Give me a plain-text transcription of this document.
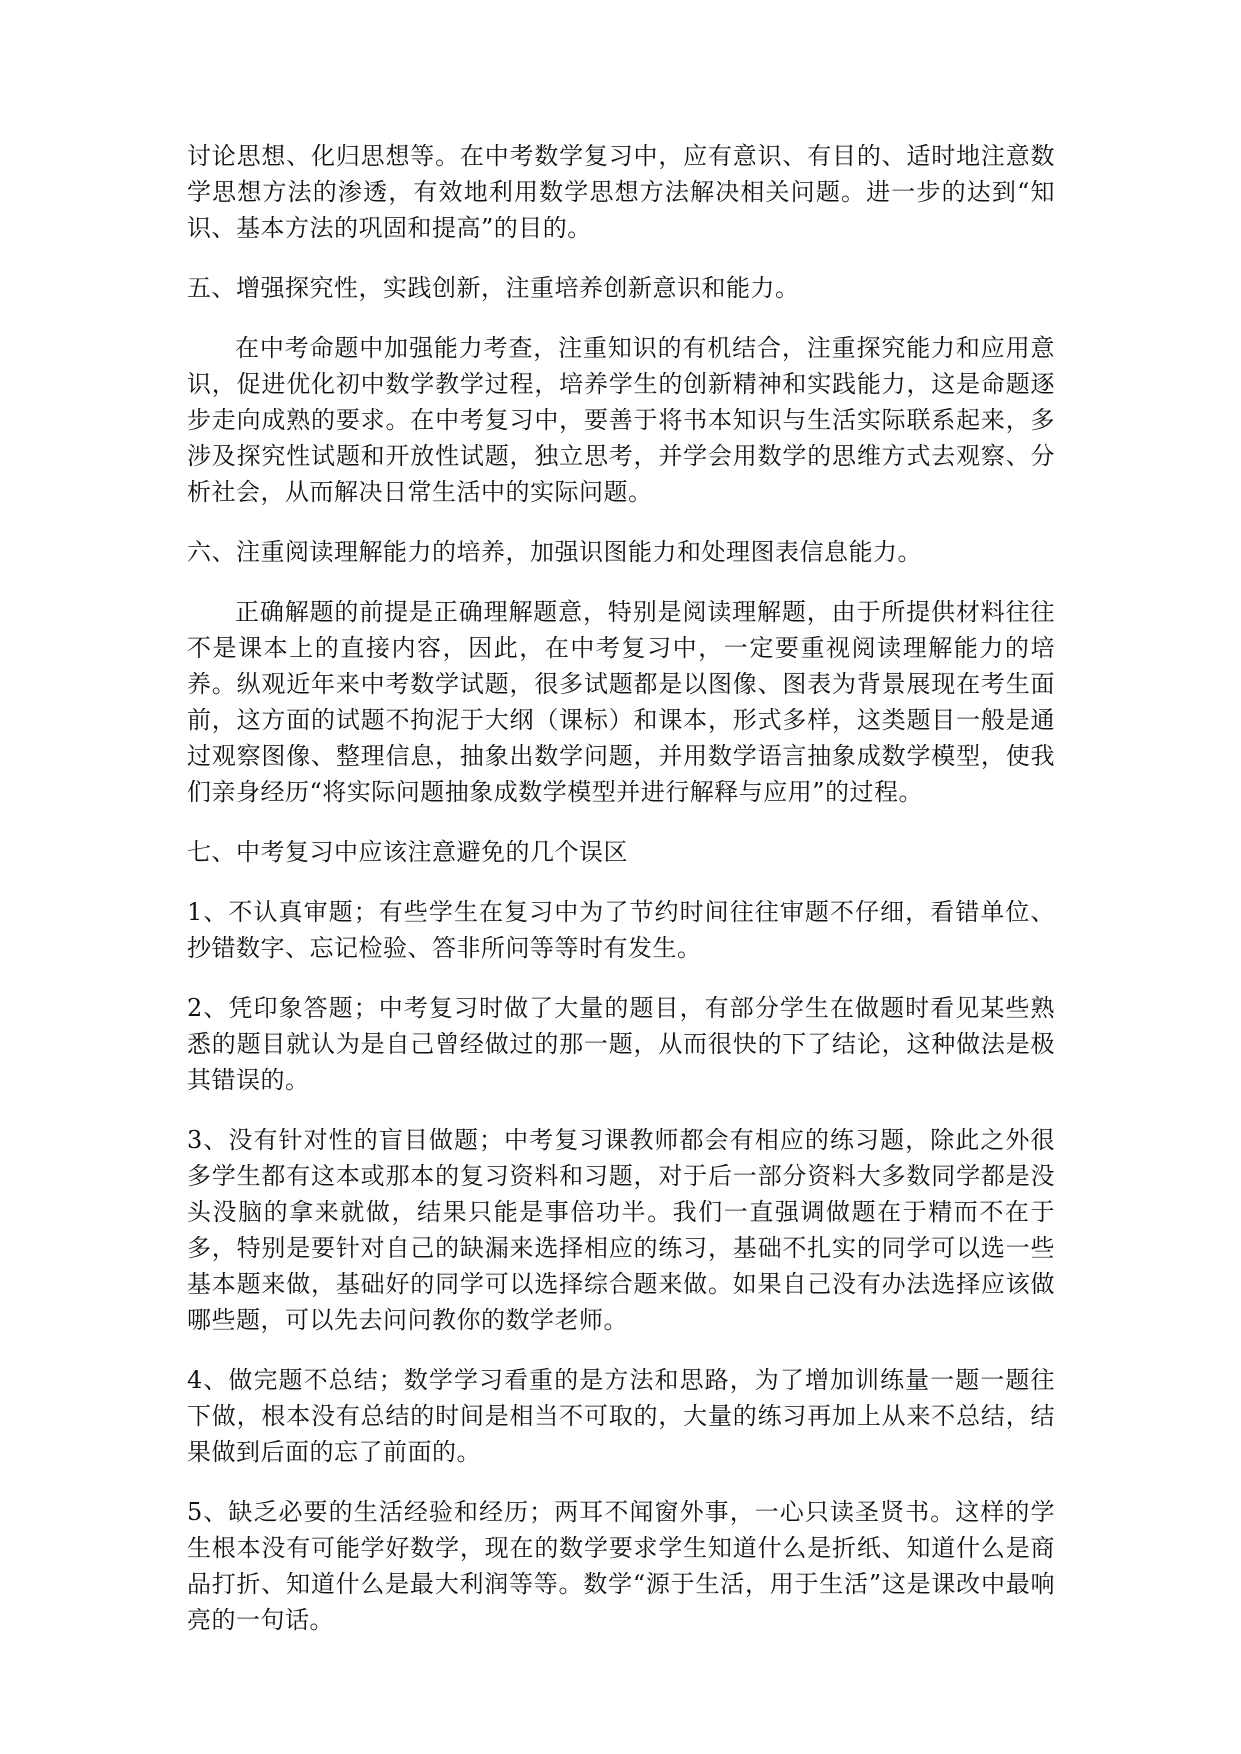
讨论思想、化归思想等。在中考数学复习中，应有意识、有目的、适时地注意数学思想方法的渗透，有效地利用数学思想方法解决相关问题。进一步的达到“知识、基本方法的巩固和提高”的目的。

五、增强探究性，实践创新，注重培养创新意识和能力。

在中考命题中加强能力考查，注重知识的有机结合，注重探究能力和应用意识，促进优化初中数学教学过程，培养学生的创新精神和实践能力，这是命题逐步走向成熟的要求。在中考复习中，要善于将书本知识与生活实际联系起来，多涉及探究性试题和开放性试题，独立思考，并学会用数学的思维方式去观察、分析社会，从而解决日常生活中的实际问题。

六、注重阅读理解能力的培养，加强识图能力和处理图表信息能力。

正确解题的前提是正确理解题意，特别是阅读理解题，由于所提供材料往往不是课本上的直接内容，因此，在中考复习中，一定要重视阅读理解能力的培养。纵观近年来中考数学试题，很多试题都是以图像、图表为背景展现在考生面前，这方面的试题不拘泥于大纲（课标）和课本，形式多样，这类题目一般是通过观察图像、整理信息，抽象出数学问题，并用数学语言抽象成数学模型，使我们亲身经历“将实际问题抽象成数学模型并进行解释与应用”的过程。

七、中考复习中应该注意避免的几个误区

1、不认真审题；有些学生在复习中为了节约时间往往审题不仔细，看错单位、抄错数字、忘记检验、答非所问等等时有发生。

2、凭印象答题；中考复习时做了大量的题目，有部分学生在做题时看见某些熟悉的题目就认为是自己曾经做过的那一题，从而很快的下了结论，这种做法是极其错误的。

3、没有针对性的盲目做题；中考复习课教师都会有相应的练习题，除此之外很多学生都有这本或那本的复习资料和习题，对于后一部分资料大多数同学都是没头没脑的拿来就做，结果只能是事倍功半。我们一直强调做题在于精而不在于多，特别是要针对自己的缺漏来选择相应的练习，基础不扎实的同学可以选一些基本题来做，基础好的同学可以选择综合题来做。如果自己没有办法选择应该做哪些题，可以先去问问教你的数学老师。

4、做完题不总结；数学学习看重的是方法和思路，为了增加训练量一题一题往下做，根本没有总结的时间是相当不可取的，大量的练习再加上从来不总结，结果做到后面的忘了前面的。

5、缺乏必要的生活经验和经历；两耳不闻窗外事，一心只读圣贤书。这样的学生根本没有可能学好数学，现在的数学要求学生知道什么是折纸、知道什么是商品打折、知道什么是最大利润等等。数学“源于生活，用于生活”这是课改中最响亮的一句话。
